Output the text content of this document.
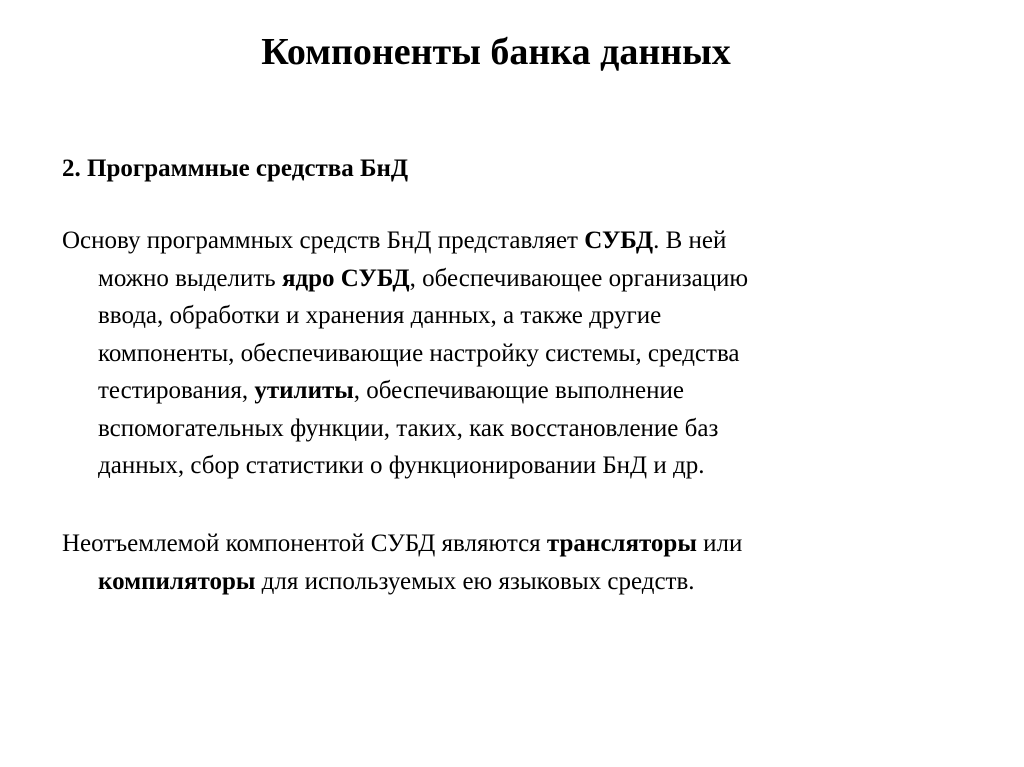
Компоненты банка данных
2. Программные средства БнД

Основу программных средств БнД представляет СУБД. В ней
можно выделить ядро СУБД, обеспечивающее организацию
ввода, обработки и хранения данных, а также другие
компоненты, обеспечивающие настройку системы, средства
тестирования, утилиты, обеспечивающие выполнение
вспомогательных функции, таких, как восстановление баз
данных, сбор статистики о функционировании БнД и др.

Неотъемлемой компонентой СУБД являются трансляторы или
компиляторы для используемых ею языковых средств.
